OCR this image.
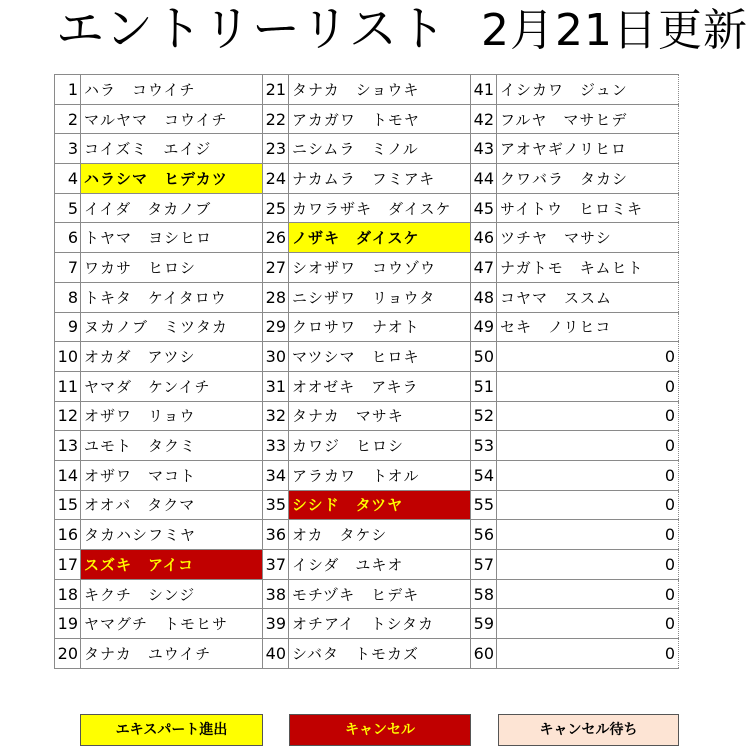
エントリーリスト 2月21日更新
1	ハラ　コウイチ	21	タナカ　ショウキ	41	イシカワ　ジュン
2	マルヤマ　コウイチ	22	アカガワ　トモヤ	42	フルヤ　マサヒデ
3	コイズミ　エイジ	23	ニシムラ　ミノル	43	アオヤギノリヒロ
4	ハラシマ　ヒデカツ	24	ナカムラ　フミアキ	44	クワバラ　タカシ
5	イイダ　タカノブ	25	カワラザキ　ダイスケ	45	サイトウ　ヒロミキ
6	トヤマ　ヨシヒロ	26	ノザキ　ダイスケ	46	ツチヤ　マサシ
7	ワカサ　ヒロシ	27	シオザワ　コウゾウ	47	ナガトモ　キムヒト
8	トキタ　ケイタロウ	28	ニシザワ　リョウタ	48	コヤマ　ススム
9	ヌカノブ　ミツタカ	29	クロサワ　ナオト	49	セキ　ノリヒコ
10	オカダ　アツシ	30	マツシマ　ヒロキ	50	0
11	ヤマダ　ケンイチ	31	オオゼキ　アキラ	51	0
12	オザワ　リョウ	32	タナカ　マサキ	52	0
13	ユモト　タクミ	33	カワジ　ヒロシ	53	0
14	オザワ　マコト	34	アラカワ　トオル	54	0
15	オオバ　タクマ	35	シシド　タツヤ	55	0
16	タカハシフミヤ	36	オカ　タケシ	56	0
17	スズキ　アイコ	37	イシダ　ユキオ	57	0
18	キクチ　シンジ	38	モチヅキ　ヒデキ	58	0
19	ヤマグチ　トモヒサ	39	オチアイ　トシタカ	59	0
20	タナカ　ユウイチ	40	シバタ　トモカズ	60	0
エキスパート進出	キャンセル	キャンセル待ち
